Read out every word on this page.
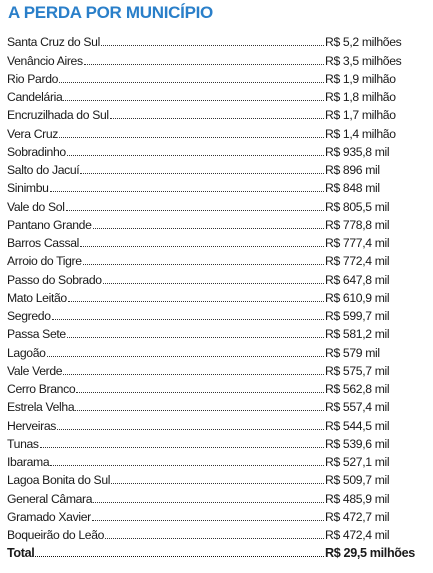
A PERDA POR MUNICÍPIO
Santa Cruz do Sul	R$ 5,2 milhões
Venâncio Aires	R$ 3,5 milhões
Rio Pardo	R$ 1,9 milhão
Candelária	R$ 1,8 milhão
Encruzilhada do Sul	R$ 1,7 milhão
Vera Cruz	R$ 1,4 milhão
Sobradinho	R$ 935,8 mil
Salto do Jacuí	R$ 896 mil
Sinimbu	R$ 848 mil
Vale do Sol	R$ 805,5 mil
Pantano Grande	R$ 778,8 mil
Barros Cassal	R$ 777,4 mil
Arroio do Tigre	R$ 772,4 mil
Passo do Sobrado	R$ 647,8 mil
Mato Leitão	R$ 610,9 mil
Segredo	R$ 599,7 mil
Passa Sete	R$ 581,2 mil
Lagoão	R$ 579 mil
Vale Verde	R$ 575,7 mil
Cerro Branco	R$ 562,8 mil
Estrela Velha	R$ 557,4 mil
Herveiras	R$ 544,5 mil
Tunas	R$ 539,6 mil
Ibarama	R$ 527,1 mil
Lagoa Bonita do Sul	R$ 509,7 mil
General Câmara	R$ 485,9 mil
Gramado Xavier	R$ 472,7 mil
Boqueirão do Leão	R$ 472,4 mil
Total	R$ 29,5 milhões
